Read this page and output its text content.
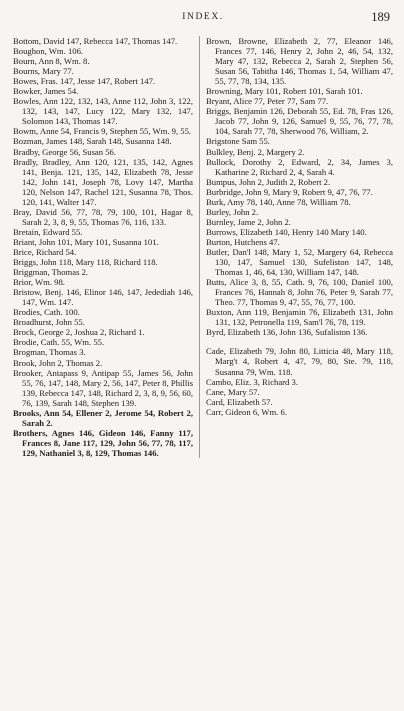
INDEX.	189

Bottom, David 147, Rebecca 147, Thomas 147.

Boughon, Wm. 106.

Bourn, Ann 8, Wm. 8.

Bourns, Mary 77.

Bowes, Fras. 147, Jesse 147, Robert 147.

Bowker, James 54.

Bowles, Ann 122, 132, 143, Anne 112, John 3, 122, 132, 143, 147, Lucy 122, Mary 132, 147, Solomon 143, Thomas 147.

Bowm, Anne 54, Francis 9, Stephen 55, Wm. 9, 55.

Bozman, James 148, Sarah 148, Susanna 148.

Bradby, George 56, Susan 56.

Bradly, Bradley, Ann 120, 121, 135, 142, Agnes 141, Benja. 121, 135, 142, Elizabeth 78, Jesse 142, John 141, Joseph 78, Lovy 147, Martha 120, Nelson 147, Rachel 121, Susanna 78, Thos. 120, 141, Walter 147.

Bray, David 56, 77, 78, 79, 100, 101, Hagar 8, Sarah 2, 3, 8, 9, 55, Thomas 76, 116, 133.

Bretain, Edward 55.

Briant, John 101, Mary 101, Susanna 101.

Brice, Richard 54.

Briggs, John 118, Mary 118, Richard 118.

Briggman, Thomas 2.

Brior, Wm. 98.

Bristow, Benj. 146, Elinor 146, 147, Jedediah 146, 147, Wm. 147.

Brodies, Cath. 100.

Broadhurst, John 55.

Brock, George 2, Joshua 2, Richard 1.

Brodie, Cath. 55, Wm. 55.

Brogman, Thomas 3.

Brook, John 2, Thomas 2.

Brooker, Antapass 9, Antipap 55, James 56, John 55, 76, 147, 148, Mary 2, 56, 147, Peter 8, Phillis 139, Rebecca 147, 148, Richard 2, 3, 8, 9, 56, 60, 76, 139, Sarah 148, Stephen 139.

Brooks, Ann 54, Ellener 2, Jerome 54, Robert 2, Sarah 2.

Brothers, Agnes 146, Gideon 146, Fanny 117, Frances 8, Jane 117, 129, John 56, 77, 78, 117, 129, Nathaniel 3, 8, 129, Thomas 146.

Brown, Browne, Elizabeth 2, 77, Eleanor 146, Frances 77, 146, Henry 2, John 2, 46, 54, 132, Mary 47, 132, Rebecca 2, Sarah 2, Stephen 56, Susan 56, Tabitha 146, Thomas 1, 54, William 47, 55, 77, 78, 134, 135.

Browning, Mary 101, Robert 101, Sarah 101.

Bryant, Alice 77, Peter 77, Sam 77.

Briggs, Benjamin 126, Deborah 55, Ed. 78, Fras 126, Jacob 77, John 9, 126, Samuel 9, 55, 76, 77, 78, 104, Sarah 77, 78, Sherwood 76, William, 2.

Brigstone Sam 55.

Bulkley, Benj. 2, Margery 2.

Bullock, Dorothy 2, Edward, 2, 34, James 3, Katharine 2, Richard 2, 4, Sarah 4.

Bumpus, John 2, Judith 2, Robert 2.

Burbridge, John 9, Mary 9, Robert 9, 47, 76, 77.

Burk, Amy 78, 140, Anne 78, William 78.

Burley, John 2.

Burnley, Jame 2, John 2.

Burrows, Elizabeth 140, Henry 140 Mary 140.

Burton, Hutchens 47.

Butler, Dan'l 148, Mary 1, 52, Margery 64, Rebecca 130, 147, Samuel 130, Sufeliston 147, 148, Thomas 1, 46, 64, 130, William 147, 148.

Butts, Alice 3, 8, 55, Cath. 9, 76, 100, Daniel 100, Frances 76, Hannah 8, John 76, Peter 9, Sarah 77, Theo. 77, Thomas 9, 47, 55, 76, 77, 100.

Buxton, Ann 119, Benjamin 76, Elizabeth 131, John 131, 132, Petronella 119, Sam'l 76, 78, 119.

Byrd, Elizabeth 136, John 136, Sufaliston 136.

Cade, Elizabeth 79, John 80, Litticia 48, Mary 118, Marg't 4, Robert 4, 47, 79, 80, Ste. 79, 118, Susanna 79, Wm. 118.

Cambo, Eliz. 3, Richard 3.

Cane, Mary 57.

Card, Elizabeth 57.

Carr, Gideon 6, Wm. 6.
